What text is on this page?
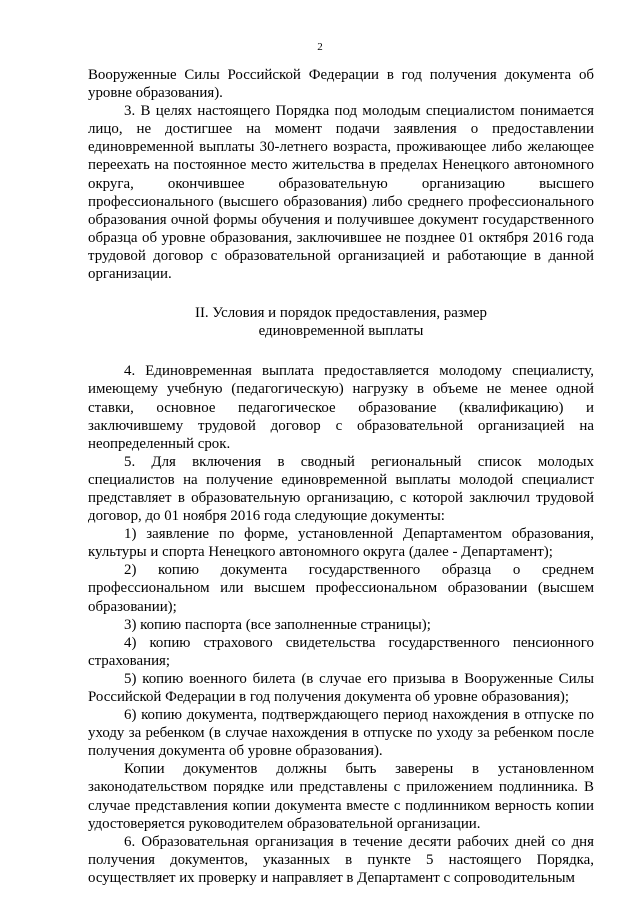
2

Вооруженные Силы Российской Федерации в год получения документа об уровне образования).

3. В целях настоящего Порядка под молодым специалистом понимается лицо, не достигшее на момент подачи заявления о предоставлении единовременной выплаты 30-летнего возраста, проживающее либо желающее переехать на постоянное место жительства в пределах Ненецкого автономного округа, окончившее образовательную организацию высшего профессионального (высшего образования) либо среднего профессионального образования очной формы обучения и получившее документ государственного образца об уровне образования, заключившее не позднее 01 октября 2016 года трудовой договор с образовательной организацией и работающие в данной организации.

II. Условия и порядок предоставления, размер
единовременной выплаты

4. Единовременная выплата предоставляется молодому специалисту, имеющему учебную (педагогическую) нагрузку в объеме не менее одной ставки, основное педагогическое образование (квалификацию) и заключившему трудовой договор с образовательной организацией на неопределенный срок.

5. Для включения в сводный региональный список молодых специалистов на получение единовременной выплаты молодой специалист представляет в образовательную организацию, с которой заключил трудовой договор, до 01 ноября 2016 года следующие документы:

1) заявление по форме, установленной Департаментом образования, культуры и спорта Ненецкого автономного округа (далее - Департамент);

2) копию документа государственного образца о среднем профессиональном или высшем профессиональном образовании (высшем образовании);

3) копию паспорта (все заполненные страницы);

4) копию страхового свидетельства государственного пенсионного страхования;

5) копию военного билета (в случае его призыва в Вооруженные Силы Российской Федерации в год получения документа об уровне образования);

6) копию документа, подтверждающего период нахождения в отпуске по уходу за ребенком (в случае нахождения в отпуске по уходу за ребенком после получения документа об уровне образования).

Копии документов должны быть заверены в установленном законодательством порядке или представлены с приложением подлинника. В случае представления копии документа вместе с подлинником верность копии удостоверяется руководителем образовательной организации.

6. Образовательная организация в течение десяти рабочих дней со дня получения документов, указанных в пункте 5 настоящего Порядка, осуществляет их проверку и направляет в Департамент с сопроводительным
